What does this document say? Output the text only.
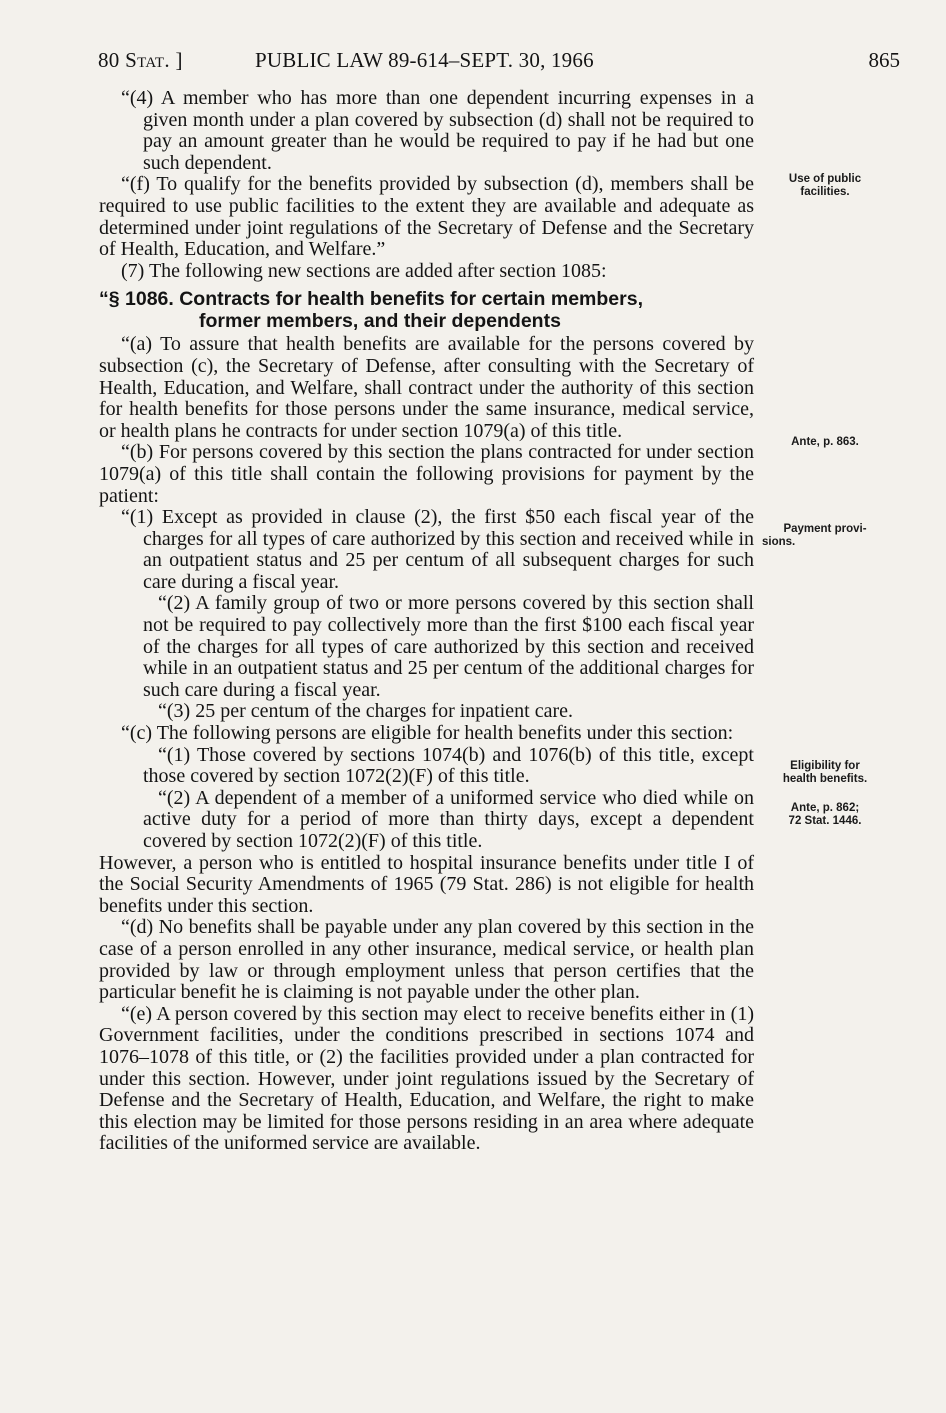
80 Stat. ]	PUBLIC LAW 89-614–SEPT. 30, 1966	865

“(4) A member who has more than one dependent incurring expenses in a given month under a plan covered by subsection (d) shall not be required to pay an amount greater than he would be required to pay if he had but one such dependent.

“(f) To qualify for the benefits provided by subsection (d), members shall be required to use public facilities to the extent they are available and adequate as determined under joint regulations of the Secretary of Defense and the Secretary of Health, Education, and Welfare.”

(7) The following new sections are added after section 1085:

“§ 1086. Contracts for health benefits for certain members,
former members, and their dependents

“(a) To assure that health benefits are available for the persons covered by subsection (c), the Secretary of Defense, after consulting with the Secretary of Health, Education, and Welfare, shall contract under the authority of this section for health benefits for those persons under the same insurance, medical service, or health plans he contracts for under section 1079(a) of this title.

“(b) For persons covered by this section the plans contracted for under section 1079(a) of this title shall contain the following provisions for payment by the patient:

“(1) Except as provided in clause (2), the first $50 each fiscal year of the charges for all types of care authorized by this section and received while in an outpatient status and 25 per centum of all subsequent charges for such care during a fiscal year.

“(2) A family group of two or more persons covered by this section shall not be required to pay collectively more than the first $100 each fiscal year of the charges for all types of care authorized by this section and received while in an outpatient status and 25 per centum of the additional charges for such care during a fiscal year.

“(3) 25 per centum of the charges for inpatient care.

“(c) The following persons are eligible for health benefits under this section:

“(1) Those covered by sections 1074(b) and 1076(b) of this title, except those covered by section 1072(2)(F) of this title.

“(2) A dependent of a member of a uniformed service who died while on active duty for a period of more than thirty days, except a dependent covered by section 1072(2)(F) of this title.

However, a person who is entitled to hospital insurance benefits under title I of the Social Security Amendments of 1965 (79 Stat. 286) is not eligible for health benefits under this section.

“(d) No benefits shall be payable under any plan covered by this section in the case of a person enrolled in any other insurance, medical service, or health plan provided by law or through employment unless that person certifies that the particular benefit he is claiming is not payable under the other plan.

“(e) A person covered by this section may elect to receive benefits either in (1) Government facilities, under the conditions prescribed in sections 1074 and 1076–1078 of this title, or (2) the facilities provided under a plan contracted for under this section. However, under joint regulations issued by the Secretary of Defense and the Secretary of Health, Education, and Welfare, the right to make this election may be limited for those persons residing in an area where adequate facilities of the uniformed service are available.

Use of public
facilities.
Ante, p. 863.
Payment provi-
sions.
Eligibility for
health benefits.
Ante, p. 862;
72 Stat. 1446.
